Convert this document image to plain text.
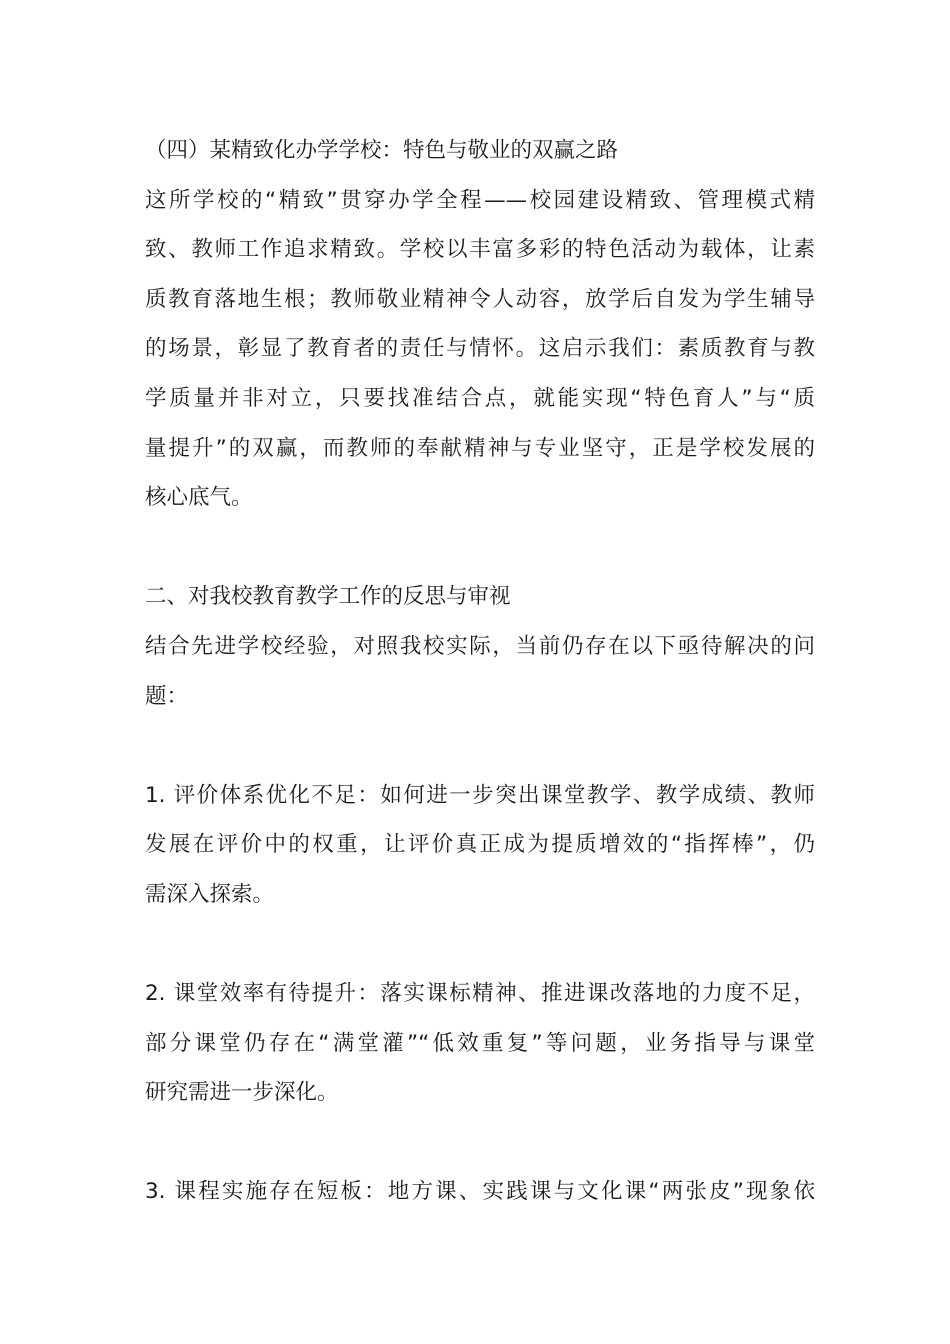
（四）某精致化办学学校：特色与敬业的双赢之路
这所学校的“精致”贯穿办学全程——校园建设精致、管理模式精
致、教师工作追求精致。学校以丰富多彩的特色活动为载体，让素
质教育落地生根；教师敬业精神令人动容，放学后自发为学生辅导
的场景，彰显了教育者的责任与情怀。这启示我们：素质教育与教
学质量并非对立，只要找准结合点，就能实现“特色育人”与“质
量提升”的双赢，而教师的奉献精神与专业坚守，正是学校发展的
核心底气。
二、对我校教育教学工作的反思与审视
结合先进学校经验，对照我校实际，当前仍存在以下亟待解决的问
题：
1. 评价体系优化不足：如何进一步突出课堂教学、教学成绩、教师
发展在评价中的权重，让评价真正成为提质增效的“指挥棒”，仍
需深入探索。
2. 课堂效率有待提升：落实课标精神、推进课改落地的力度不足，
部分课堂仍存在“满堂灌”“低效重复”等问题，业务指导与课堂
研究需进一步深化。
3. 课程实施存在短板：地方课、实践课与文化课“两张皮”现象依
